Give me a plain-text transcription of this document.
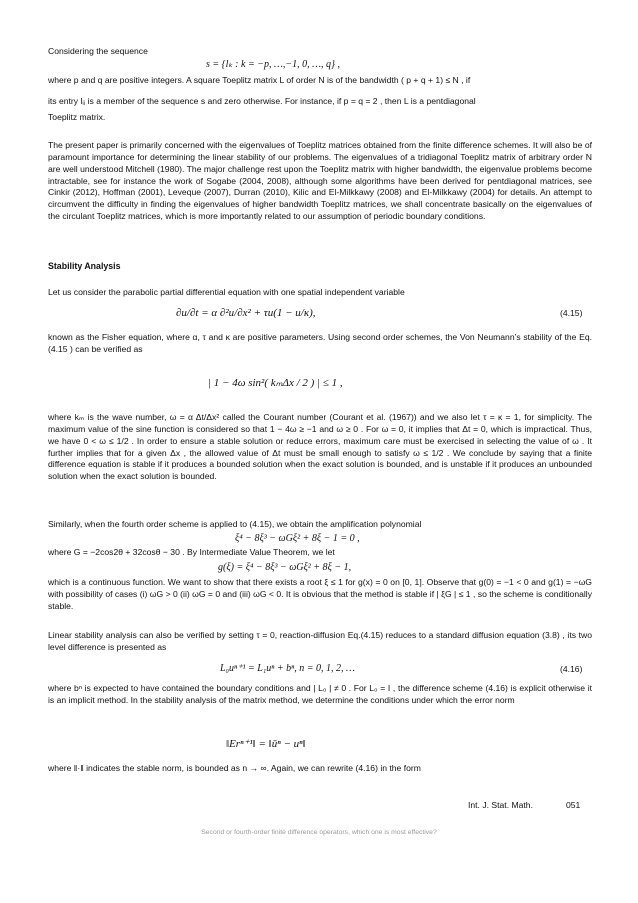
Considering the sequence

s = {lₖ : k = −p, …,−1, 0, …, q} ,

where p and q are positive integers. A square Toeplitz matrix L of order N is of the bandwidth ( p + q + 1) ≤ N , if

its entry lᵢⱼ is a member of the sequence s and zero otherwise. For instance, if p = q = 2 , then L is a pentdiagonal

Toeplitz matrix.

The present paper is primarily concerned with the eigenvalues of Toeplitz matrices obtained from the finite difference schemes. It will also be of paramount importance for determining the linear stability of our problems. The eigenvalues of a tridiagonal Toeplitz matrix of arbitrary order N are well understood Mitchell (1980). The major challenge rest upon the Toeplitz matrix with higher bandwidth, the eigenvalue problems become intractable, see for instance the work of Sogabe (2004, 2008), although some algorithms have been derived for pentdiagonal matrices, see Cinkir (2012), Hoffman (2001), Leveque (2007), Durran (2010), Kilic and El-Milkkawy (2008) and El-Milkkawy (2004) for details. An attempt to circumvent the difficulty in finding the eigenvalues of higher bandwidth Toeplitz matrices, we shall concentrate basically on the eigenvalues of the circulant Toeplitz matrices, which is more importantly related to our assumption of periodic boundary conditions.

Stability Analysis

Let us consider the parabolic partial differential equation with one spatial independent variable

∂u/∂t = α ∂²u/∂x² + τu(1 − u/κ),	(4.15)

known as the Fisher equation, where α, τ and κ are positive parameters. Using second order schemes, the Von Neumann’s stability of the Eq. (4.15 ) can be verified as

| 1 − 4ω sin²( kₘΔx / 2 ) | ≤ 1 ,

where kₘ is the wave number, ω = α Δt/Δx² called the Courant number (Courant et al. (1967)) and we also let τ = κ = 1, for simplicity. The maximum value of the sine function is considered so that 1 − 4ω ≥ −1 and ω ≥ 0 . For ω = 0, it implies that Δt = 0, which is impractical. Thus, we have 0 < ω ≤ 1/2 . In order to ensure a stable solution or reduce errors, maximum care must be exercised in selecting the value of ω . It further implies that for a given Δx , the allowed value of Δt must be small enough to satisfy ω ≤ 1/2 . We conclude by saying that a finite difference equation is stable if it produces a bounded solution when the exact solution is bounded, and is unstable if it produces an unbounded solution when the exact solution is bounded.

Similarly, when the fourth order scheme is applied to (4.15), we obtain the amplification polynomial

ξ⁴ − 8ξ³ − ωGξ² + 8ξ − 1 = 0 ,

where G = −2cos2θ + 32cosθ − 30 . By Intermediate Value Theorem, we let

g(ξ) = ξ⁴ − 8ξ³ − ωGξ² + 8ξ − 1,

which is a continuous function. We want to show that there exists a root ξ ≤ 1 for g(x) = 0 on [0, 1]. Observe that g(0) = −1 < 0 and g(1) = −ωG with possibility of cases (i) ωG > 0 (ii) ωG = 0 and (iii) ωG < 0. It is obvious that the method is stable if | ξG | ≤ 1 , so the scheme is conditionally stable.

Linear stability analysis can also be verified by setting τ = 0, reaction-diffusion Eq.(4.15) reduces to a standard diffusion equation (3.8) , its two level difference is presented as

L₀uⁿ⁺¹ = L₁uⁿ + bⁿ, n = 0, 1, 2, …	(4.16)

where bⁿ is expected to have contained the boundary conditions and | L₀ | ≠ 0 . For L₀ = I , the difference scheme (4.16) is explicit otherwise it is an implicit method. In the stability analysis of the matrix method, we determine the conditions under which the error norm

‖Erⁿ⁺¹‖ = ‖ūⁿ − uⁿ‖

where ‖·‖ indicates the stable norm, is bounded as n → ∞. Again, we can rewrite (4.16) in the form

Int. J. Stat. Math.	051
Second or fourth-order finite difference operators, which one is most effective?
